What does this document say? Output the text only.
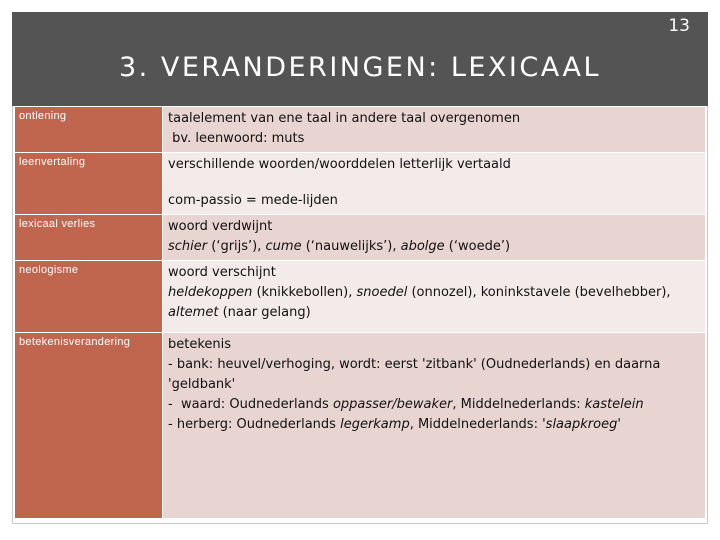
13
3. VERANDERINGEN: LEXICAAL
ontlening	taalelement van ene taal in andere taal overgenomen
bv. leenwoord: muts

leenvertaling	verschillende woorden/woorddelen letterlijk vertaald
com-passio = mede-lijden

lexicaal verlies	woord verdwijnt
schier (‘grijs’), cume (‘nauwelijks’), abolge (‘woede’)

neologisme	woord verschijnt
heldekoppen (knikkebollen), snoedel (onnozel), koninkstavele (bevelhebber),
altemet (naar gelang)

betekenisverandering	betekenis
- bank: heuvel/verhoging, wordt: eerst 'zitbank' (Oudnederlands) en daarna 'geldbank'
-  waard: Oudnederlands oppasser/bewaker, Middelnederlands: kastelein
- herberg: Oudnederlands legerkamp, Middelnederlands: 'slaapkroeg'
